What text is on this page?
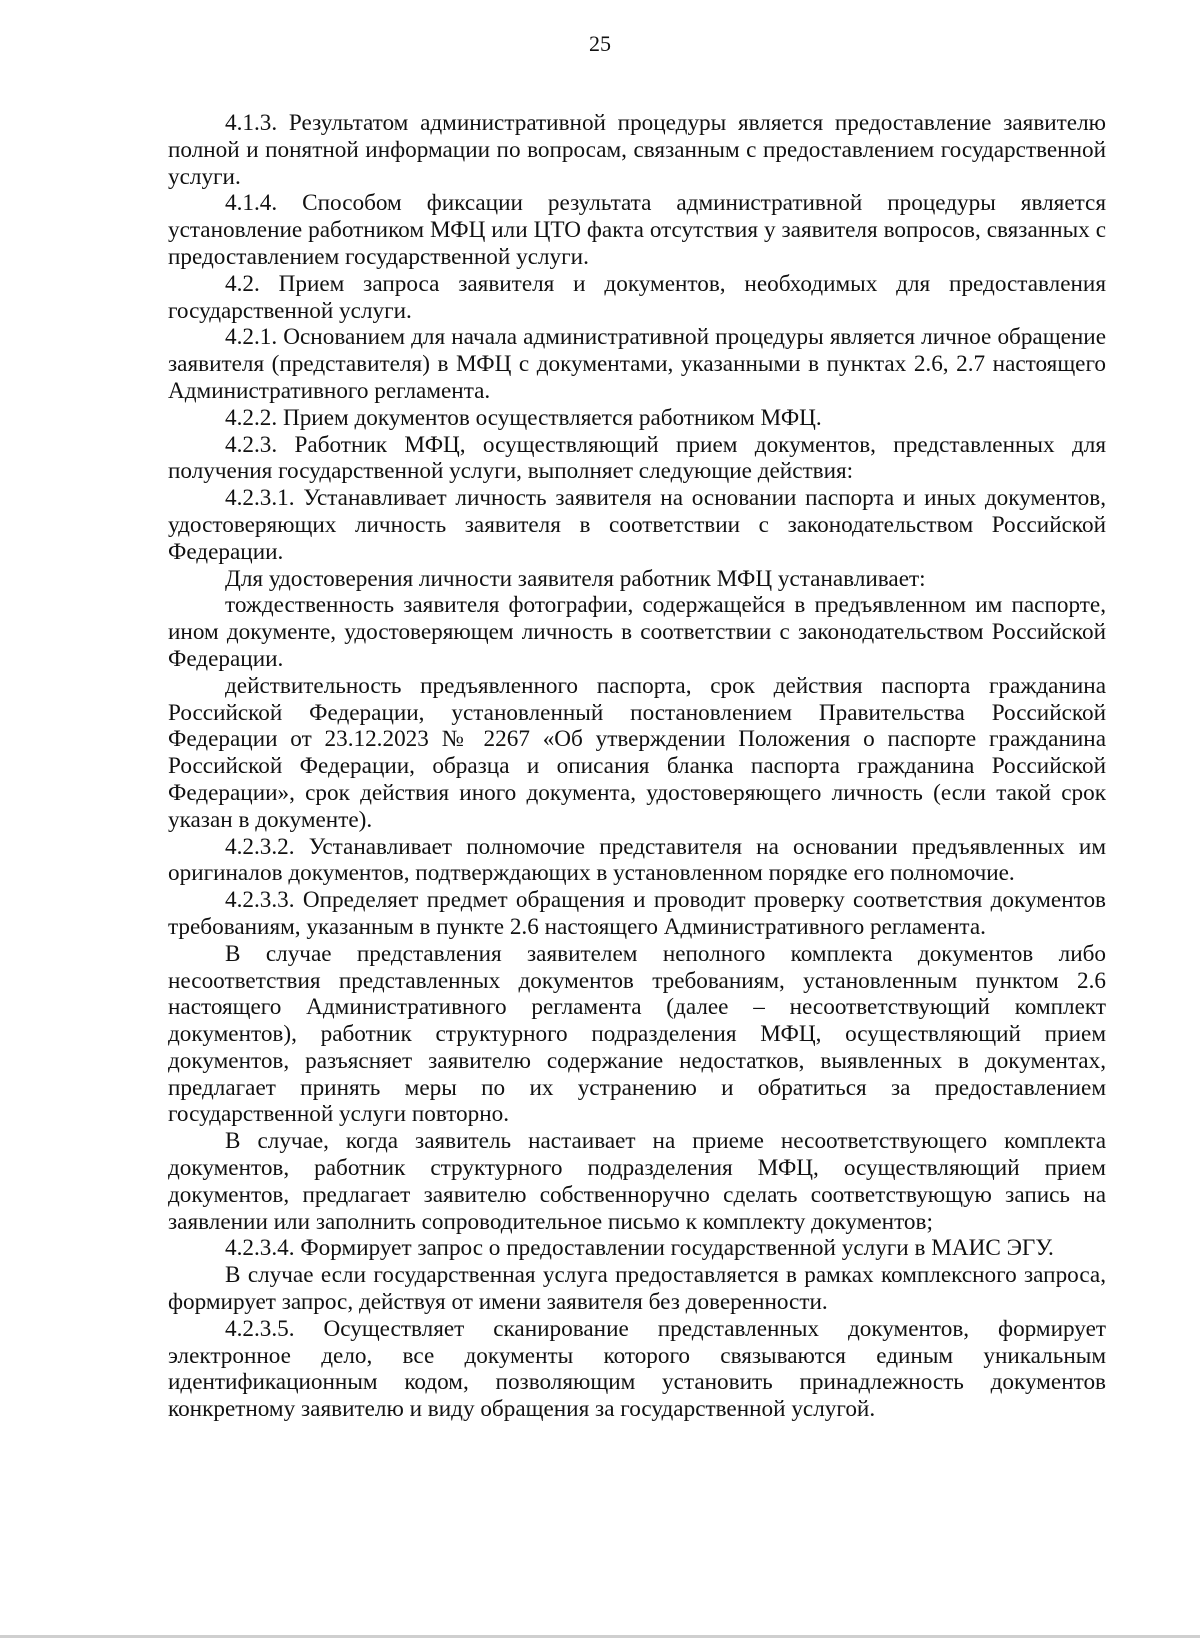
25

4.1.3. Результатом административной процедуры является предоставление заявителю полной и понятной информации по вопросам, связанным с предоставлением государственной услуги.

4.1.4. Способом фиксации результата административной процедуры является установление работником МФЦ или ЦТО факта отсутствия у заявителя вопросов, связанных с предоставлением государственной услуги.

4.2. Прием запроса заявителя и документов, необходимых для предоставления государственной услуги.

4.2.1. Основанием для начала административной процедуры является личное обращение заявителя (представителя) в МФЦ с документами, указанными в пунктах 2.6, 2.7 настоящего Административного регламента.

4.2.2. Прием документов осуществляется работником МФЦ.

4.2.3. Работник МФЦ, осуществляющий прием документов, представленных для получения государственной услуги, выполняет следующие действия:

4.2.3.1. Устанавливает личность заявителя на основании паспорта и иных документов, удостоверяющих личность заявителя в соответствии с законодательством Российской Федерации.

Для удостоверения личности заявителя работник МФЦ устанавливает:

тождественность заявителя фотографии, содержащейся в предъявленном им паспорте, ином документе, удостоверяющем личность в соответствии с законодательством Российской Федерации.

действительность предъявленного паспорта, срок действия паспорта гражданина Российской Федерации, установленный постановлением Правительства Российской Федерации от 23.12.2023 № 2267 «Об утверждении Положения о паспорте гражданина Российской Федерации, образца и описания бланка паспорта гражданина Российской Федерации», срок действия иного документа, удостоверяющего личность (если такой срок указан в документе).

4.2.3.2. Устанавливает полномочие представителя на основании предъявленных им оригиналов документов, подтверждающих в установленном порядке его полномочие.

4.2.3.3. Определяет предмет обращения и проводит проверку соответствия документов требованиям, указанным в пункте 2.6 настоящего Административного регламента.

В случае представления заявителем неполного комплекта документов либо несоответствия представленных документов требованиям, установленным пунктом 2.6 настоящего Административного регламента (далее – несоответствующий комплект документов), работник структурного подразделения МФЦ, осуществляющий прием документов, разъясняет заявителю содержание недостатков, выявленных в документах, предлагает принять меры по их устранению и обратиться за предоставлением государственной услуги повторно.

В случае, когда заявитель настаивает на приеме несоответствующего комплекта документов, работник структурного подразделения МФЦ, осуществляющий прием документов, предлагает заявителю собственноручно сделать соответствующую запись на заявлении или заполнить сопроводительное письмо к комплекту документов;

4.2.3.4. Формирует запрос о предоставлении государственной услуги в МАИС ЭГУ.

В случае если государственная услуга предоставляется в рамках комплексного запроса, формирует запрос, действуя от имени заявителя без доверенности.

4.2.3.5. Осуществляет сканирование представленных документов, формирует электронное дело, все документы которого связываются единым уникальным идентификационным кодом, позволяющим установить принадлежность документов конкретному заявителю и виду обращения за государственной услугой.
